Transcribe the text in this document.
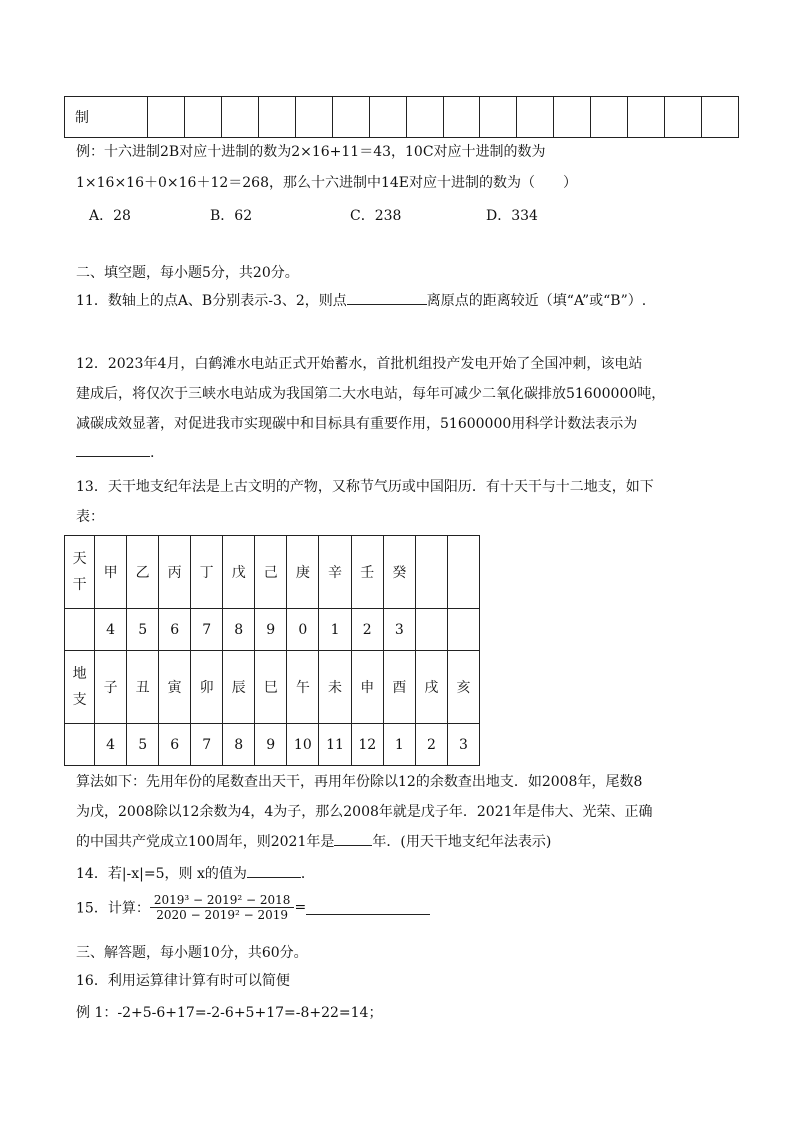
制																
例：十六进制2B对应十进制的数为2×16+11＝43，10C对应十进制的数为
1×16×16＋0×16＋12＝268，那么十六进制中14E对应十进制的数为（　　）
A．28	B．62	C．238	D．334
二、填空题，每小题5分，共20分。
11．数轴上的点A、B分别表示-3、2，则点	离原点的距离较近（填“A”或“B”）.
12．2023年4月，白鹤滩水电站正式开始蓄水，首批机组投产发电开始了全国冲刺，该电站
建成后，将仅次于三峡水电站成为我国第二大水电站，每年可减少二氧化碳排放51600000吨，
减碳成效显著，对促进我市实现碳中和目标具有重要作用，51600000用科学计数法表示为
.
13．天干地支纪年法是上古文明的产物，又称节气历或中国阳历．有十天干与十二地支，如下
表：
天
干	甲	乙	丙	丁	戊	己	庚	辛	壬	癸		
	4	5	6	7	8	9	0	1	2	3		
地
支	子	丑	寅	卯	辰	巳	午	未	申	酉	戌	亥
	4	5	6	7	8	9	10	11	12	1	2	3
算法如下：先用年份的尾数查出天干，再用年份除以12的余数查出地支．如2008年，尾数8
为戊，2008除以12余数为4，4为子，那么2008年就是戊子年．2021年是伟大、光荣、正确
的中国共产党成立100周年，则2021年是	年．(用天干地支纪年法表示)
14．若|-x|=5，则 x的值为	．
15．计算： $\frac{\text{2019³ − 2019² − 2018}}{\text{2020 − 2019² − 2019}}$ =
三、解答题，每小题10分，共60分。
16．利用运算律计算有时可以简便
例 1：-2+5-6+17=-2-6+5+17=-8+22=14；
